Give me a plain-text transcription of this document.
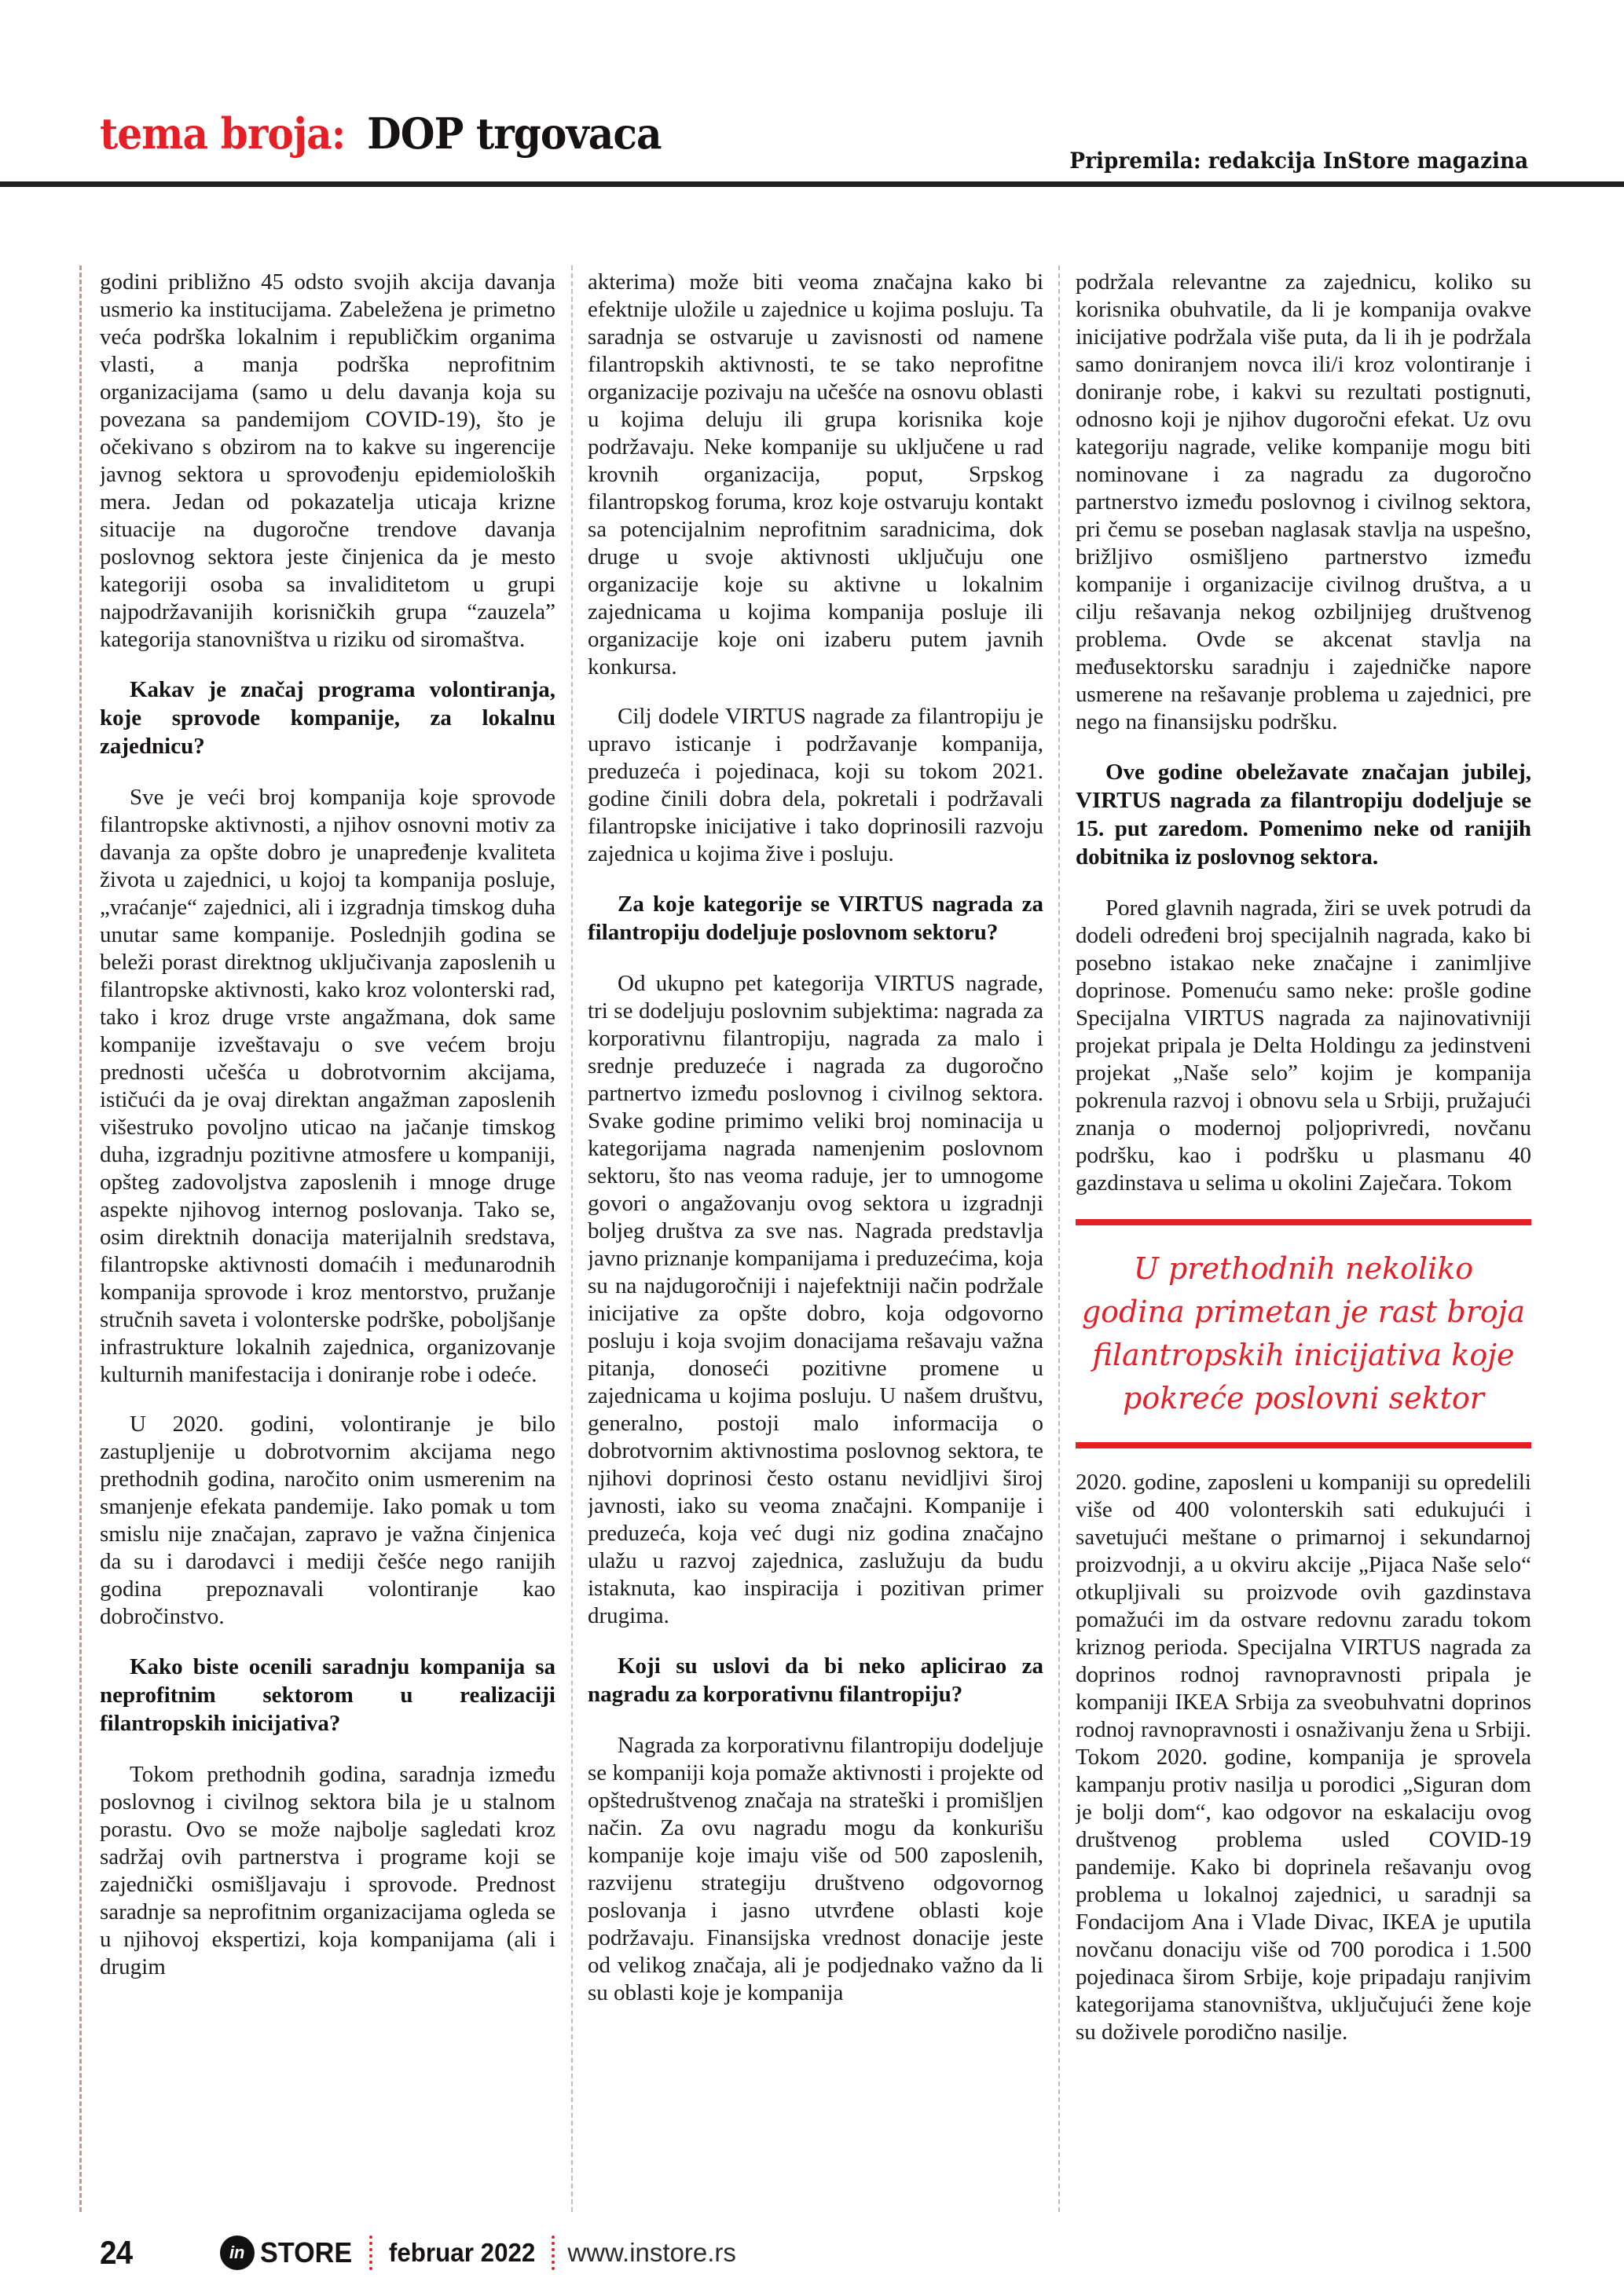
tema broja: DOP trgovaca
Pripremila: redakcija InStore magazina

godini približno 45 odsto svojih akcija davanja usmerio ka institucijama. Zabeležena je primetno veća podrška lokalnim i republičkim organima vlasti, a manja podrška neprofitnim organizacijama (samo u delu davanja koja su povezana sa pandemijom COVID-19), što je očekivano s obzirom na to kakve su ingerencije javnog sektora u sprovođenju epidemioloških mera. Jedan od pokazatelja uticaja krizne situacije na dugoročne trendove davanja poslovnog sektora jeste činjenica da je mesto kategoriji osoba sa invaliditetom u grupi najpodržavanijih korisničkih grupa “zauzela” kategorija stanovništva u riziku od siromaštva.

Kakav je značaj programa volontiranja, koje sprovode kompanije, za lokalnu zajednicu?

Sve je veći broj kompanija koje sprovode filantropske aktivnosti, a njihov osnovni motiv za davanja za opšte dobro je unapređenje kvaliteta života u zajednici, u kojoj ta kompanija posluje, „vraćanje“ zajednici, ali i izgradnja timskog duha unutar same kompanije. Poslednjih godina se beleži porast direktnog uključivanja zaposlenih u filantropske aktivnosti, kako kroz volonterski rad, tako i kroz druge vrste angažmana, dok same kompanije izveštavaju o sve većem broju prednosti učešća u dobrotvornim akcijama, ističući da je ovaj direktan angažman zaposlenih višestruko povoljno uticao na jačanje timskog duha, izgradnju pozitivne atmosfere u kompaniji, opšteg zadovoljstva zaposlenih i mnoge druge aspekte njihovog internog poslovanja. Tako se, osim direktnih donacija materijalnih sredstava, filantropske aktivnosti domaćih i međunarodnih kompanija sprovode i kroz mentorstvo, pružanje stručnih saveta i volonterske podrške, poboljšanje infrastrukture lokalnih zajednica, organizovanje kulturnih manifestacija i doniranje robe i odeće.

U 2020. godini, volontiranje je bilo zastupljenije u dobrotvornim akcijama nego prethodnih godina, naročito onim usmerenim na smanjenje efekata pandemije. Iako pomak u tom smislu nije značajan, zapravo je važna činjenica da su i darodavci i mediji češće nego ranijih godina prepoznavali volontiranje kao dobročinstvo.

Kako biste ocenili saradnju kompanija sa neprofitnim sektorom u realizaciji filantropskih inicijativa?

Tokom prethodnih godina, saradnja između poslovnog i civilnog sektora bila je u stalnom porastu. Ovo se može najbolje sagledati kroz sadržaj ovih partnerstva i programe koji se zajednički osmišljavaju i sprovode. Prednost saradnje sa neprofitnim organizacijama ogleda se u njihovoj ekspertizi, koja kompanijama (ali i drugim

akterima) može biti veoma značajna kako bi efektnije uložile u zajednice u kojima posluju. Ta saradnja se ostvaruje u zavisnosti od namene filantropskih aktivnosti, te se tako neprofitne organizacije pozivaju na učešće na osnovu oblasti u kojima deluju ili grupa korisnika koje podržavaju. Neke kompanije su uključene u rad krovnih organizacija, poput, Srpskog filantropskog foruma, kroz koje ostvaruju kontakt sa potencijalnim neprofitnim saradnicima, dok druge u svoje aktivnosti uključuju one organizacije koje su aktivne u lokalnim zajednicama u kojima kompanija posluje ili organizacije koje oni izaberu putem javnih konkursa.

Cilj dodele VIRTUS nagrade za filantropiju je upravo isticanje i podržavanje kompanija, preduzeća i pojedinaca, koji su tokom 2021. godine činili dobra dela, pokretali i podržavali filantropske inicijative i tako doprinosili razvoju zajednica u kojima žive i posluju.

Za koje kategorije se VIRTUS nagrada za filantropiju dodeljuje poslovnom sektoru?

Od ukupno pet kategorija VIRTUS nagrade, tri se dodeljuju poslovnim subjektima: nagrada za korporativnu filantropiju, nagrada za malo i srednje preduzeće i nagrada za dugoročno partnertvo između poslovnog i civilnog sektora. Svake godine primimo veliki broj nominacija u kategorijama nagrada namenjenim poslovnom sektoru, što nas veoma raduje, jer to umnogome govori o angažovanju ovog sektora u izgradnji boljeg društva za sve nas. Nagrada predstavlja javno priznanje kompanijama i preduzećima, koja su na najdugoročniji i najefektniji način podržale inicijative za opšte dobro, koja odgovorno posluju i koja svojim donacijama rešavaju važna pitanja, donoseći pozitivne promene u zajednicama u kojima posluju. U našem društvu, generalno, postoji malo informacija o dobrotvornim aktivnostima poslovnog sektora, te njihovi doprinosi često ostanu nevidljivi široj javnosti, iako su veoma značajni. Kompanije i preduzeća, koja već dugi niz godina značajno ulažu u razvoj zajednica, zaslužuju da budu istaknuta, kao inspiracija i pozitivan primer drugima.

Koji su uslovi da bi neko aplicirao za nagradu za korporativnu filantropiju?

Nagrada za korporativnu filantropiju dodeljuje se kompaniji koja pomaže aktivnosti i projekte od opštedruštvenog značaja na strateški i promišljen način. Za ovu nagradu mogu da konkurišu kompanije koje imaju više od 500 zaposlenih, razvijenu strategiju društveno odgovornog poslovanja i jasno utvrđene oblasti koje podržavaju. Finansijska vrednost donacije jeste od velikog značaja, ali je podjednako važno da li su oblasti koje je kompanija

podržala relevantne za zajednicu, koliko su korisnika obuhvatile, da li je kompanija ovakve inicijative podržala više puta, da li ih je podržala samo doniranjem novca ili/i kroz volontiranje i doniranje robe, i kakvi su rezultati postignuti, odnosno koji je njihov dugoročni efekat. Uz ovu kategoriju nagrade, velike kompanije mogu biti nominovane i za nagradu za dugoročno partnerstvo između poslovnog i civilnog sektora, pri čemu se poseban naglasak stavlja na uspešno, brižljivo osmišljeno partnerstvo između kompanije i organizacije civilnog društva, a u cilju rešavanja nekog ozbiljnijeg društvenog problema. Ovde se akcenat stavlja na međusektorsku saradnju i zajedničke napore usmerene na rešavanje problema u zajednici, pre nego na finansijsku podršku.

Ove godine obeležavate značajan jubilej, VIRTUS nagrada za filantropiju dodeljuje se 15. put zaredom. Pomenimo neke od ranijih dobitnika iz poslovnog sektora.

Pored glavnih nagrada, žiri se uvek potrudi da dodeli određeni broj specijalnih nagrada, kako bi posebno istakao neke značajne i zanimljive doprinose. Pomenuću samo neke: prošle godine Specijalna VIRTUS nagrada za najinovativniji projekat pripala je Delta Holdingu za jedinstveni projekat „Naše selo” kojim je kompanija pokrenula razvoj i obnovu sela u Srbiji, pružajući znanja o modernoj poljoprivredi, novčanu podršku, kao i podršku u plasmanu 40 gazdinstava u selima u okolini Zaječara. Tokom

U prethodnih nekoliko godina primetan je rast broja filantropskih inicijativa koje pokreće poslovni sektor

2020. godine, zaposleni u kompaniji su opredelili više od 400 volonterskih sati edukujući i savetujući meštane o primarnoj i sekundarnoj proizvodnji, a u okviru akcije „Pijaca Naše selo“ otkupljivali su proizvode ovih gazdinstava pomažući im da ostvare redovnu zaradu tokom kriznog perioda. Specijalna VIRTUS nagrada za doprinos rodnoj ravnopravnosti pripala je kompaniji IKEA Srbija za sveobuhvatni doprinos rodnoj ravnopravnosti i osnaživanju žena u Srbiji. Tokom 2020. godine, kompanija je sprovela kampanju protiv nasilja u porodici „Siguran dom je bolji dom“, kao odgovor na eskalaciju ovog društvenog problema usled COVID-19 pandemije. Kako bi doprinela rešavanju ovog problema u lokalnoj zajednici, u saradnji sa Fondacijom Ana i Vlade Divac, IKEA je uputila novčanu donaciju više od 700 porodica i 1.500 pojedinaca širom Srbije, koje pripadaju ranjivim kategorijama stanovništva, uključujući žene koje su doživele porodično nasilje.

24	in STORE februar 2022 www.instore.rs
